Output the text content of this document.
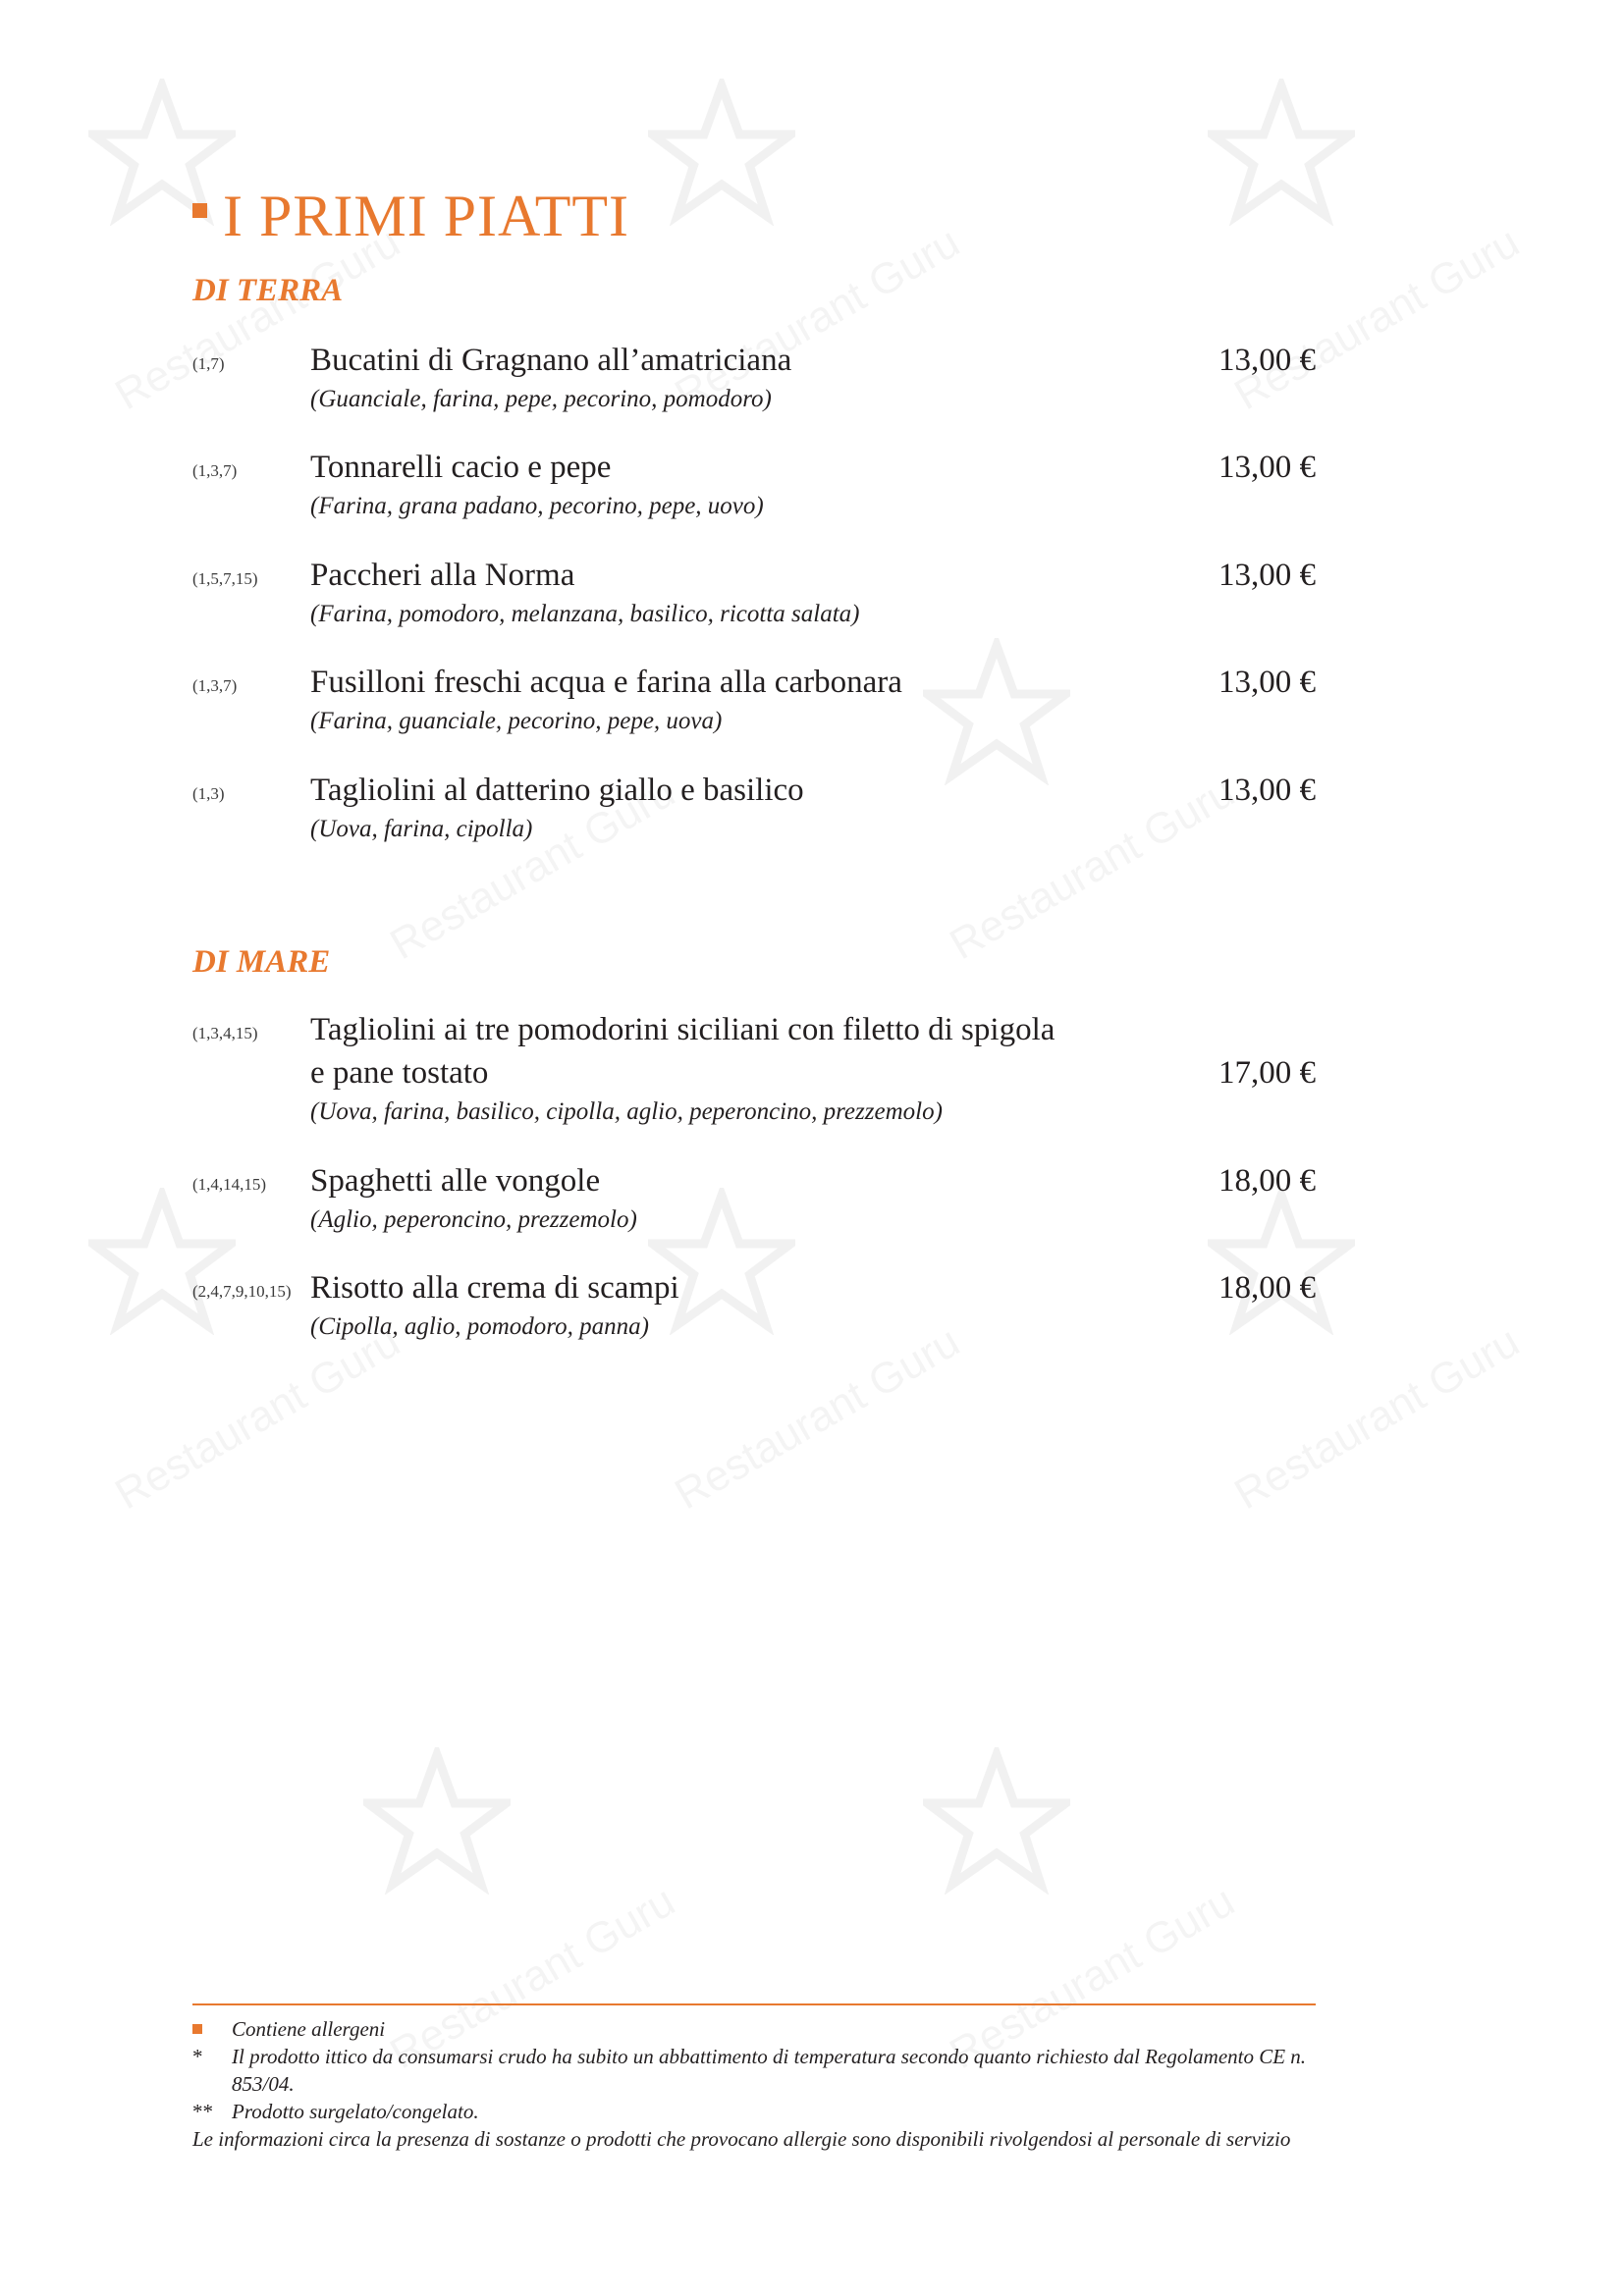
I PRIMI PIATTI
DI TERRA
(1,7)	Bucatini di Gragnano all’amatriciana	13,00 €
(Guanciale, farina, pepe, pecorino, pomodoro)
(1,3,7) Tonnarelli cacio e pepe	13,00 €
(Farina, grana padano, pecorino, pepe, uovo)
(1,5,7,15) Paccheri alla Norma	13,00 €
(Farina, pomodoro, melanzana, basilico, ricotta salata)
(1,3,7) Fusilloni freschi acqua e farina alla carbonara	13,00 €
(Farina, guanciale, pecorino, pepe, uova)
(1,3)	Tagliolini al datterino giallo e basilico	13,00 €
(Uova, farina, cipolla)
DI MARE
(1,3,4,15) Tagliolini ai tre pomodorini siciliani con filetto di spigola
e pane tostato	17,00 €
(Uova, farina, basilico, cipolla, aglio, peperoncino, prezzemolo)
(1,4,14,15) Spaghetti alle vongole	18,00 €
(Aglio, peperoncino, prezzemolo)
(2,4,7,9,10,15) Risotto alla crema di scampi	18,00 €
(Cipolla, aglio, pomodoro, panna)
Contiene allergeni
* Il prodotto ittico da consumarsi crudo ha subito un abbattimento di temperatura secondo quanto richiesto dal Regolamento CE n. 853/04.
** Prodotto surgelato/congelato.
Le informazioni circa la presenza di sostanze o prodotti che provocano allergie sono disponibili rivolgendosi al personale di servizio
